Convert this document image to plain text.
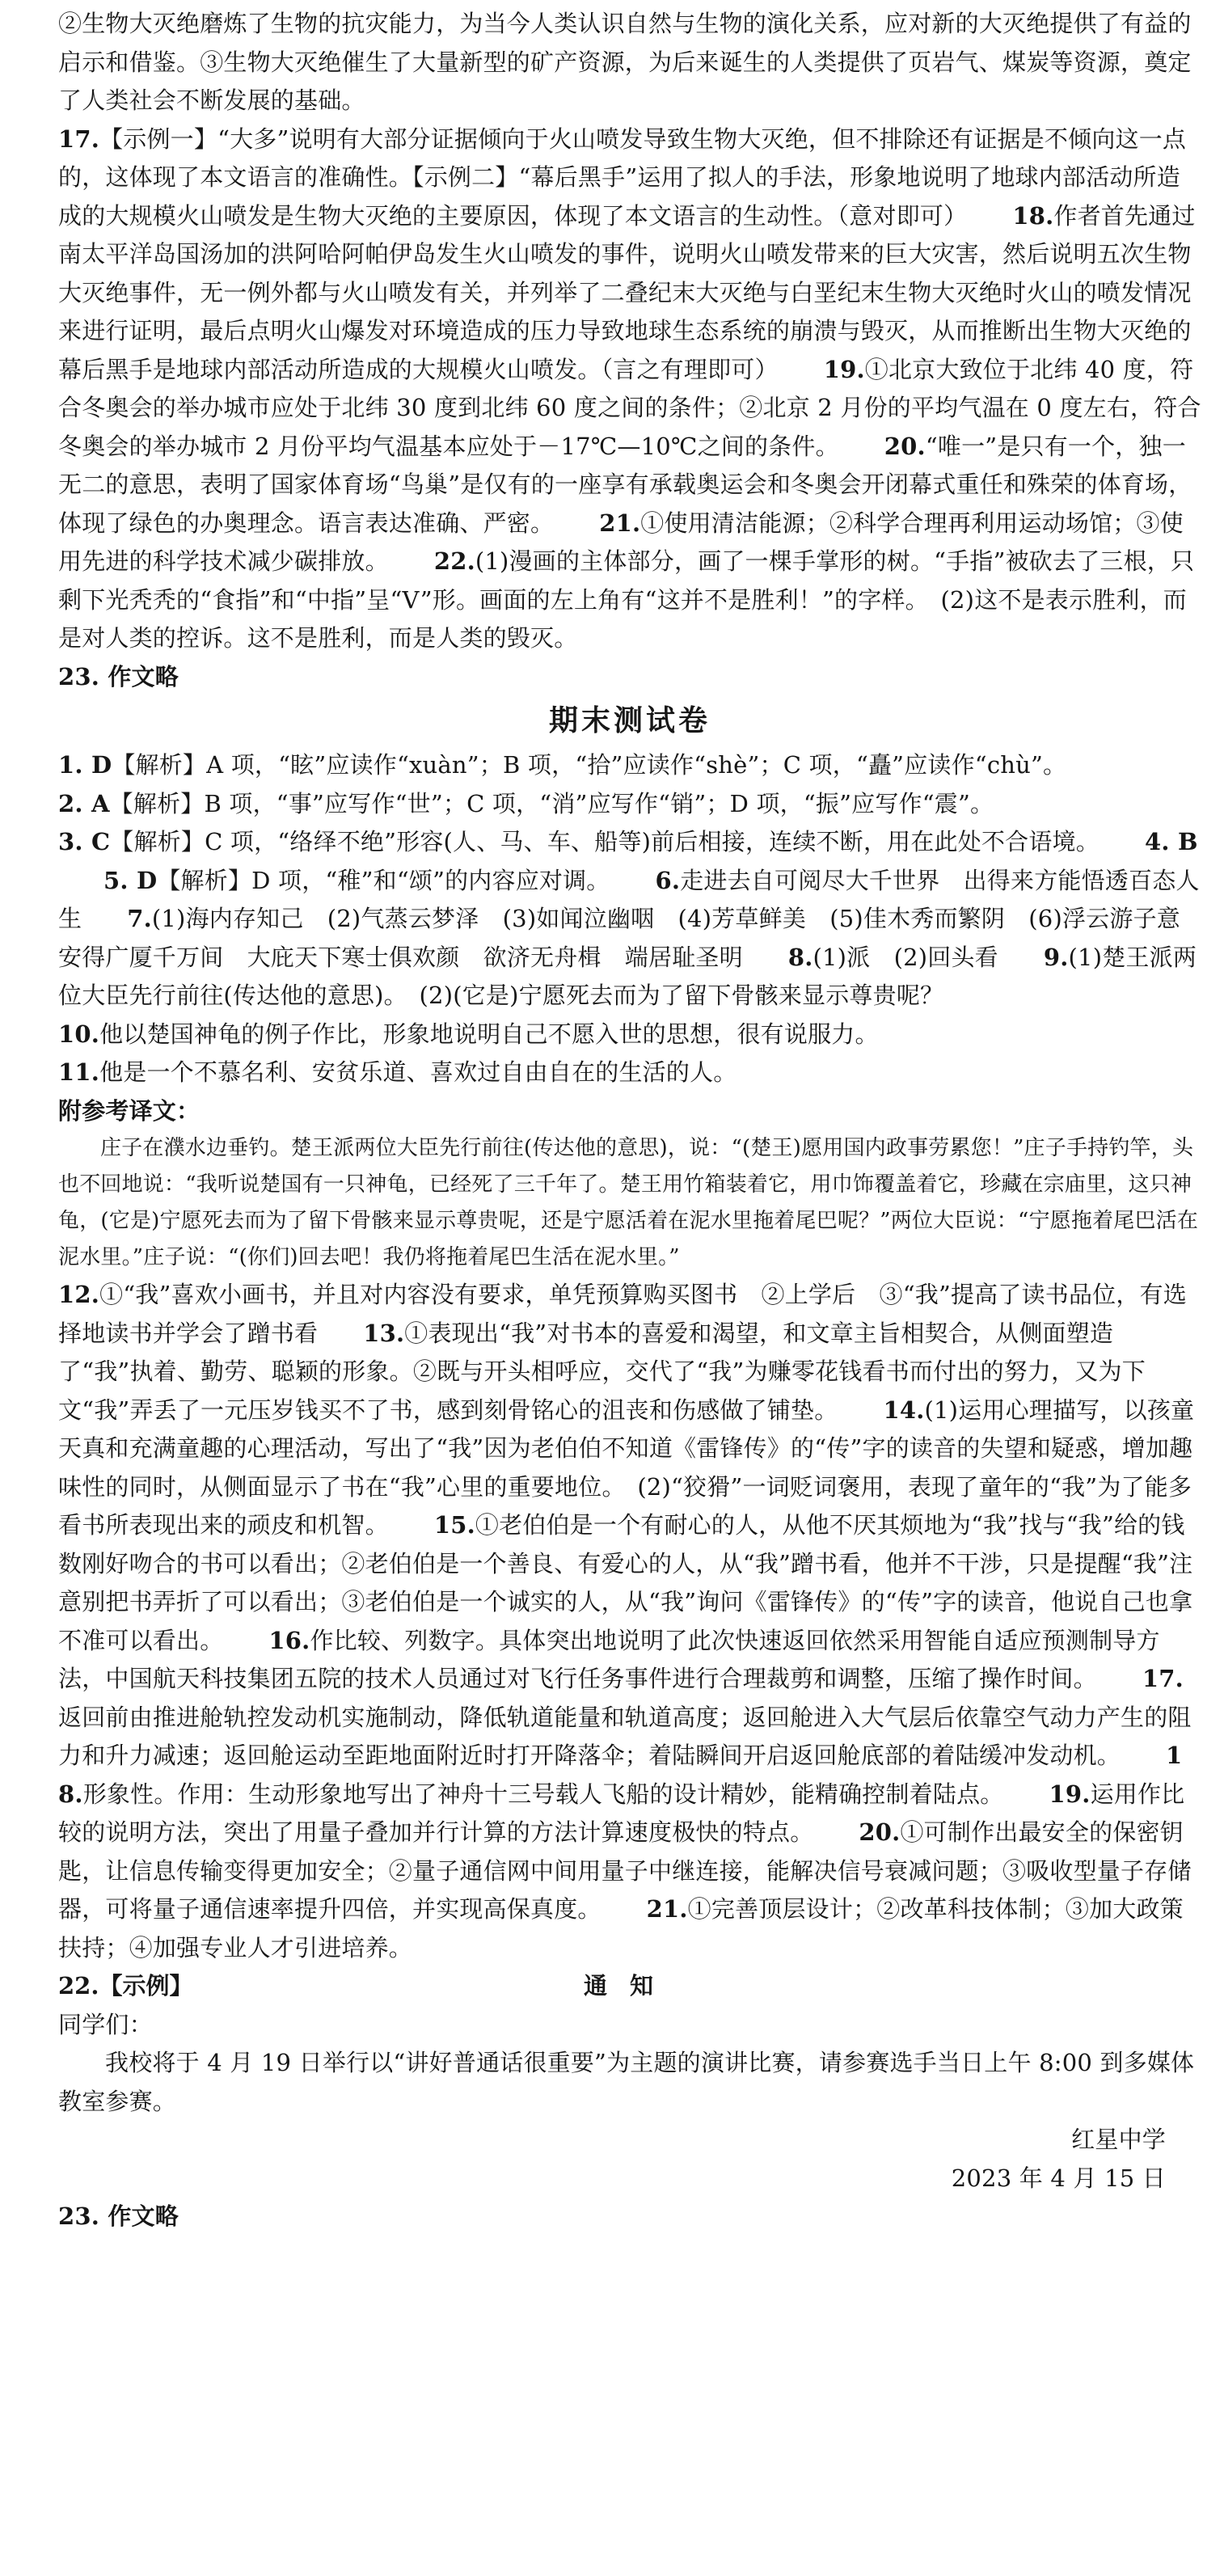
②生物大灭绝磨炼了生物的抗灾能力，为当今人类认识自然与生物的演化关系，应对新的大灭绝提供了有益的启示和借鉴。③生物大灭绝催生了大量新型的矿产资源，为后来诞生的人类提供了页岩气、煤炭等资源，奠定了人类社会不断发展的基础。

17.【示例一】“大多”说明有大部分证据倾向于火山喷发导致生物大灭绝，但不排除还有证据是不倾向这一点的，这体现了本文语言的准确性。【示例二】“幕后黑手”运用了拟人的手法，形象地说明了地球内部活动所造成的大规模火山喷发是生物大灭绝的主要原因，体现了本文语言的生动性。（意对即可） 18.作者首先通过南太平洋岛国汤加的洪阿哈阿帕伊岛发生火山喷发的事件，说明火山喷发带来的巨大灾害，然后说明五次生物大灭绝事件，无一例外都与火山喷发有关，并列举了二叠纪末大灭绝与白垩纪末生物大灭绝时火山的喷发情况来进行证明，最后点明火山爆发对环境造成的压力导致地球生态系统的崩溃与毁灭，从而推断出生物大灭绝的幕后黑手是地球内部活动所造成的大规模火山喷发。（言之有理即可） 19.①北京大致位于北纬 40 度，符合冬奥会的举办城市应处于北纬 30 度到北纬 60 度之间的条件；②北京 2 月份的平均气温在 0 度左右，符合冬奥会的举办城市 2 月份平均气温基本应处于－17℃—10℃之间的条件。 20.“唯一”是只有一个，独一无二的意思，表明了国家体育场“鸟巢”是仅有的一座享有承载奥运会和冬奥会开闭幕式重任和殊荣的体育场，体现了绿色的办奥理念。语言表达准确、严密。 21.①使用清洁能源；②科学合理再利用运动场馆；③使用先进的科学技术减少碳排放。 22.(1)漫画的主体部分，画了一棵手掌形的树。“手指”被砍去了三根，只剩下光秃秃的“食指”和“中指”呈“V”形。画面的左上角有“这并不是胜利！”的字样。　(2)这不是表示胜利，而是对人类的控诉。这不是胜利，而是人类的毁灭。

23. 作文略

期末测试卷

1. D【解析】A 项，“眩”应读作“xuàn”；B 项，“拾”应读作“shè”；C 项，“矗”应读作“chù”。

2. A【解析】B 项，“事”应写作“世”；C 项，“消”应写作“销”；D 项，“振”应写作“震”。

3. C【解析】C 项，“络绎不绝”形容(人、马、车、船等)前后相接，连续不断，用在此处不合语境。 4. B5. D【解析】D 项，“稚”和“颂”的内容应对调。 6.走进去自可阅尽大千世界　出得来方能悟透百态人生 7.(1)海内存知己　(2)气蒸云梦泽　(3)如闻泣幽咽　(4)芳草鲜美　(5)佳木秀而繁阴　(6)浮云游子意　安得广厦千万间　大庇天下寒士俱欢颜　欲济无舟楫　端居耻圣明 8.(1)派　(2)回头看 9.(1)楚王派两位大臣先行前往(传达他的意思)。　(2)(它是)宁愿死去而为了留下骨骸来显示尊贵呢？

10.他以楚国神龟的例子作比，形象地说明自己不愿入世的思想，很有说服力。

11.他是一个不慕名利、安贫乐道、喜欢过自由自在的生活的人。

附参考译文：

庄子在濮水边垂钓。楚王派两位大臣先行前往(传达他的意思)，说：“(楚王)愿用国内政事劳累您！”庄子手持钓竿，头也不回地说：“我听说楚国有一只神龟，已经死了三千年了。楚王用竹箱装着它，用巾饰覆盖着它，珍藏在宗庙里，这只神龟，(它是)宁愿死去而为了留下骨骸来显示尊贵呢，还是宁愿活着在泥水里拖着尾巴呢？”两位大臣说：“宁愿拖着尾巴活在泥水里。”庄子说：“(你们)回去吧！我仍将拖着尾巴生活在泥水里。”

12.①“我”喜欢小画书，并且对内容没有要求，单凭预算购买图书　②上学后　③“我”提高了读书品位，有选择地读书并学会了蹭书看 13.①表现出“我”对书本的喜爱和渴望，和文章主旨相契合，从侧面塑造了“我”执着、勤劳、聪颖的形象。②既与开头相呼应，交代了“我”为赚零花钱看书而付出的努力，又为下文“我”弄丢了一元压岁钱买不了书，感到刻骨铭心的沮丧和伤感做了铺垫。 14.(1)运用心理描写，以孩童天真和充满童趣的心理活动，写出了“我”因为老伯伯不知道《雷锋传》的“传”字的读音的失望和疑惑，增加趣味性的同时，从侧面显示了书在“我”心里的重要地位。　(2)“狡猾”一词贬词褒用，表现了童年的“我”为了能多看书所表现出来的顽皮和机智。 15.①老伯伯是一个有耐心的人，从他不厌其烦地为“我”找与“我”给的钱数刚好吻合的书可以看出；②老伯伯是一个善良、有爱心的人，从“我”蹭书看，他并不干涉，只是提醒“我”注意别把书弄折了可以看出；③老伯伯是一个诚实的人，从“我”询问《雷锋传》的“传”字的读音，他说自己也拿不准可以看出。 16.作比较、列数字。具体突出地说明了此次快速返回依然采用智能自适应预测制导方法，中国航天科技集团五院的技术人员通过对飞行任务事件进行合理裁剪和调整，压缩了操作时间。 17.返回前由推进舱轨控发动机实施制动，降低轨道能量和轨道高度；返回舱进入大气层后依靠空气动力产生的阻力和升力减速；返回舱运动至距地面附近时打开降落伞；着陆瞬间开启返回舱底部的着陆缓冲发动机。 18.形象性。作用：生动形象地写出了神舟十三号载人飞船的设计精妙，能精确控制着陆点。 19.运用作比较的说明方法，突出了用量子叠加并行计算的方法计算速度极快的特点。 20.①可制作出最安全的保密钥匙，让信息传输变得更加安全；②量子通信网中间用量子中继连接，能解决信号衰减问题；③吸收型量子存储器，可将量子通信速率提升四倍，并实现高保真度。 21.①完善顶层设计；②改革科技体制；③加大政策扶持；④加强专业人才引进培养。

22.【示例】	通知

同学们：

我校将于 4 月 19 日举行以“讲好普通话很重要”为主题的演讲比赛，请参赛选手当日上午 8:00 到多媒体教室参赛。

红星中学

2023 年 4 月 15 日

23. 作文略
